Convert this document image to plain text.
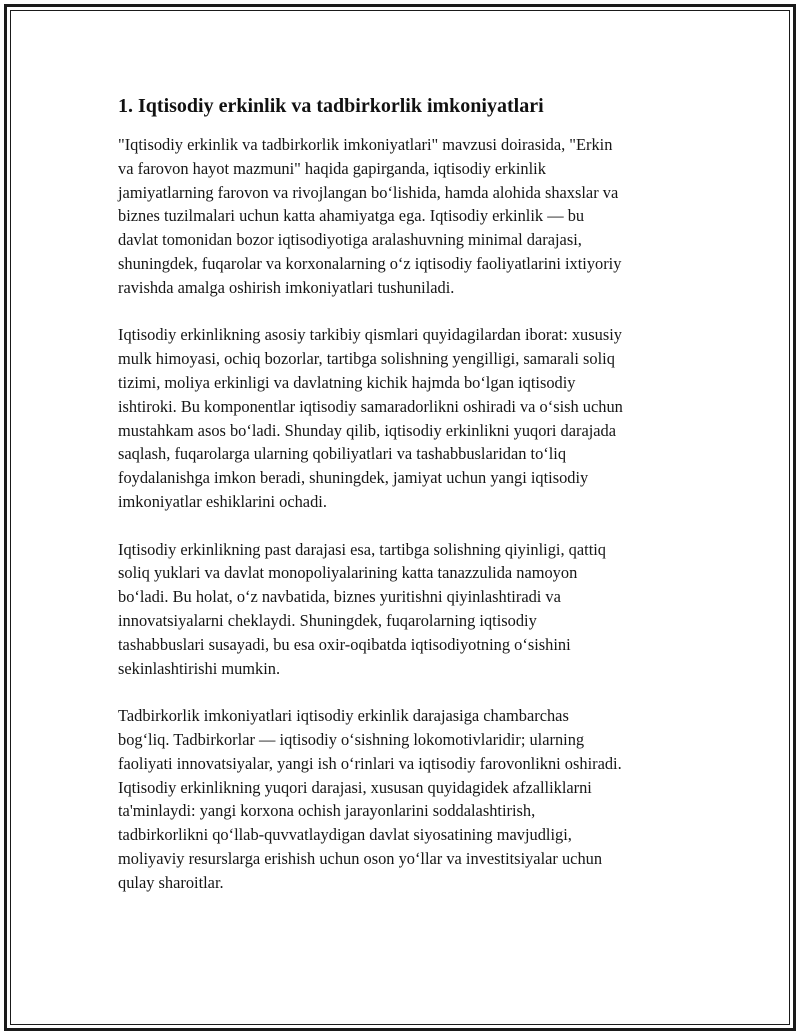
1. Iqtisodiy erkinlik va tadbirkorlik imkoniyatlari

"Iqtisodiy erkinlik va tadbirkorlik imkoniyatlari" mavzusi doirasida, "Erkin
va farovon hayot mazmuni" haqida gapirganda, iqtisodiy erkinlik
jamiyatlarning farovon va rivojlangan boʻlishida, hamda alohida shaxslar va
biznes tuzilmalari uchun katta ahamiyatga ega. Iqtisodiy erkinlik — bu
davlat tomonidan bozor iqtisodiyotiga aralashuvning minimal darajasi,
shuningdek, fuqarolar va korxonalarning oʻz iqtisodiy faoliyatlarini ixtiyoriy
ravishda amalga oshirish imkoniyatlari tushuniladi.

Iqtisodiy erkinlikning asosiy tarkibiy qismlari quyidagilardan iborat: xususiy
mulk himoyasi, ochiq bozorlar, tartibga solishning yengilligi, samarali soliq
tizimi, moliya erkinligi va davlatning kichik hajmda boʻlgan iqtisodiy
ishtiroki. Bu komponentlar iqtisodiy samaradorlikni oshiradi va oʻsish uchun
mustahkam asos boʻladi. Shunday qilib, iqtisodiy erkinlikni yuqori darajada
saqlash, fuqarolarga ularning qobiliyatlari va tashabbuslaridan toʻliq
foydalanishga imkon beradi, shuningdek, jamiyat uchun yangi iqtisodiy
imkoniyatlar eshiklarini ochadi.

Iqtisodiy erkinlikning past darajasi esa, tartibga solishning qiyinligi, qattiq
soliq yuklari va davlat monopoliyalarining katta tanazzulida namoyon
boʻladi. Bu holat, oʻz navbatida, biznes yuritishni qiyinlashtiradi va
innovatsiyalarni cheklaydi. Shuningdek, fuqarolarning iqtisodiy
tashabbuslari susayadi, bu esa oxir-oqibatda iqtisodiyotning oʻsishini
sekinlashtirishi mumkin.

Tadbirkorlik imkoniyatlari iqtisodiy erkinlik darajasiga chambarchas
bogʻliq. Tadbirkorlar — iqtisodiy oʻsishning lokomotivlaridir; ularning
faoliyati innovatsiyalar, yangi ish oʻrinlari va iqtisodiy farovonlikni oshiradi.
Iqtisodiy erkinlikning yuqori darajasi, xususan quyidagidek afzalliklarni
ta'minlaydi: yangi korxona ochish jarayonlarini soddalashtirish,
tadbirkorlikni qoʻllab-quvvatlaydigan davlat siyosatining mavjudligi,
moliyaviy resurslarga erishish uchun oson yoʻllar va investitsiyalar uchun
qulay sharoitlar.
